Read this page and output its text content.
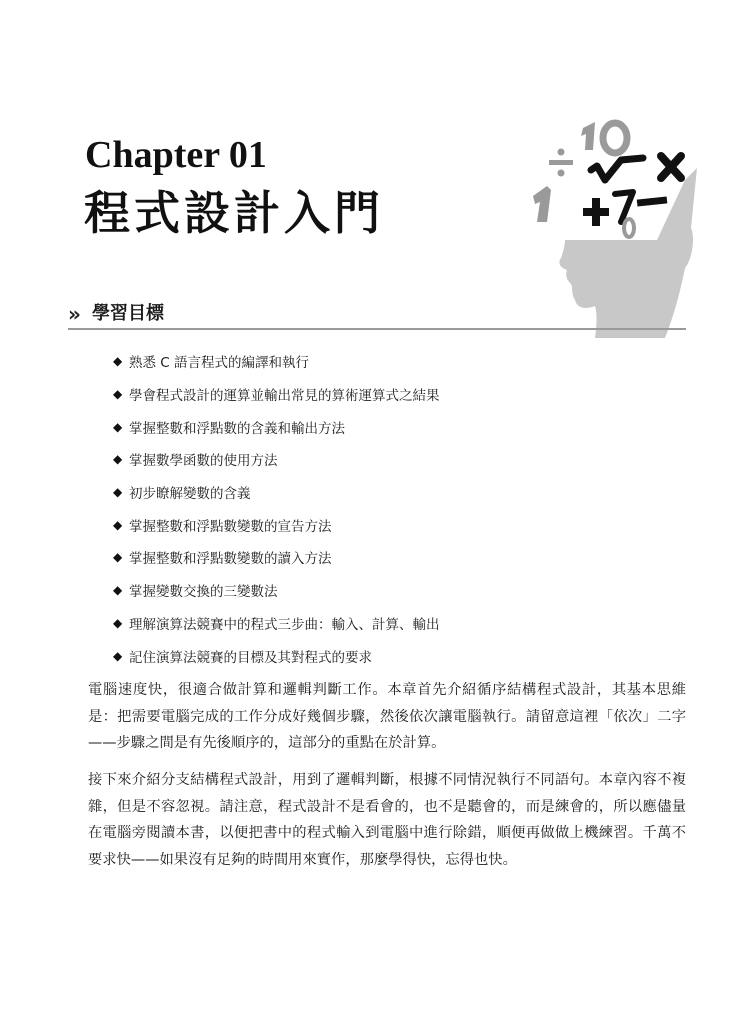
Chapter 01
程式設計入門
» 學習目標
◆ 熟悉 C 語言程式的編譯和執行
◆ 學會程式設計的運算並輸出常見的算術運算式之結果
◆ 掌握整數和浮點數的含義和輸出方法
◆ 掌握數學函數的使用方法
◆ 初步瞭解變數的含義
◆ 掌握整數和浮點數變數的宣告方法
◆ 掌握整數和浮點數變數的讀入方法
◆ 掌握變數交換的三變數法
◆ 理解演算法競賽中的程式三步曲：輸入、計算、輸出
◆ 記住演算法競賽的目標及其對程式的要求

電腦速度快，很適合做計算和邏輯判斷工作。本章首先介紹循序結構程式設計，其基本思維是：把需要電腦完成的工作分成好幾個步驟，然後依次讓電腦執行。請留意這裡「依次」二字——步驟之間是有先後順序的，這部分的重點在於計算。

接下來介紹分支結構程式設計，用到了邏輯判斷，根據不同情況執行不同語句。本章內容不複雜，但是不容忽視。請注意，程式設計不是看會的，也不是聽會的，而是練會的，所以應儘量在電腦旁閱讀本書，以便把書中的程式輸入到電腦中進行除錯，順便再做做上機練習。千萬不要求快——如果沒有足夠的時間用來實作，那麼學得快，忘得也快。
